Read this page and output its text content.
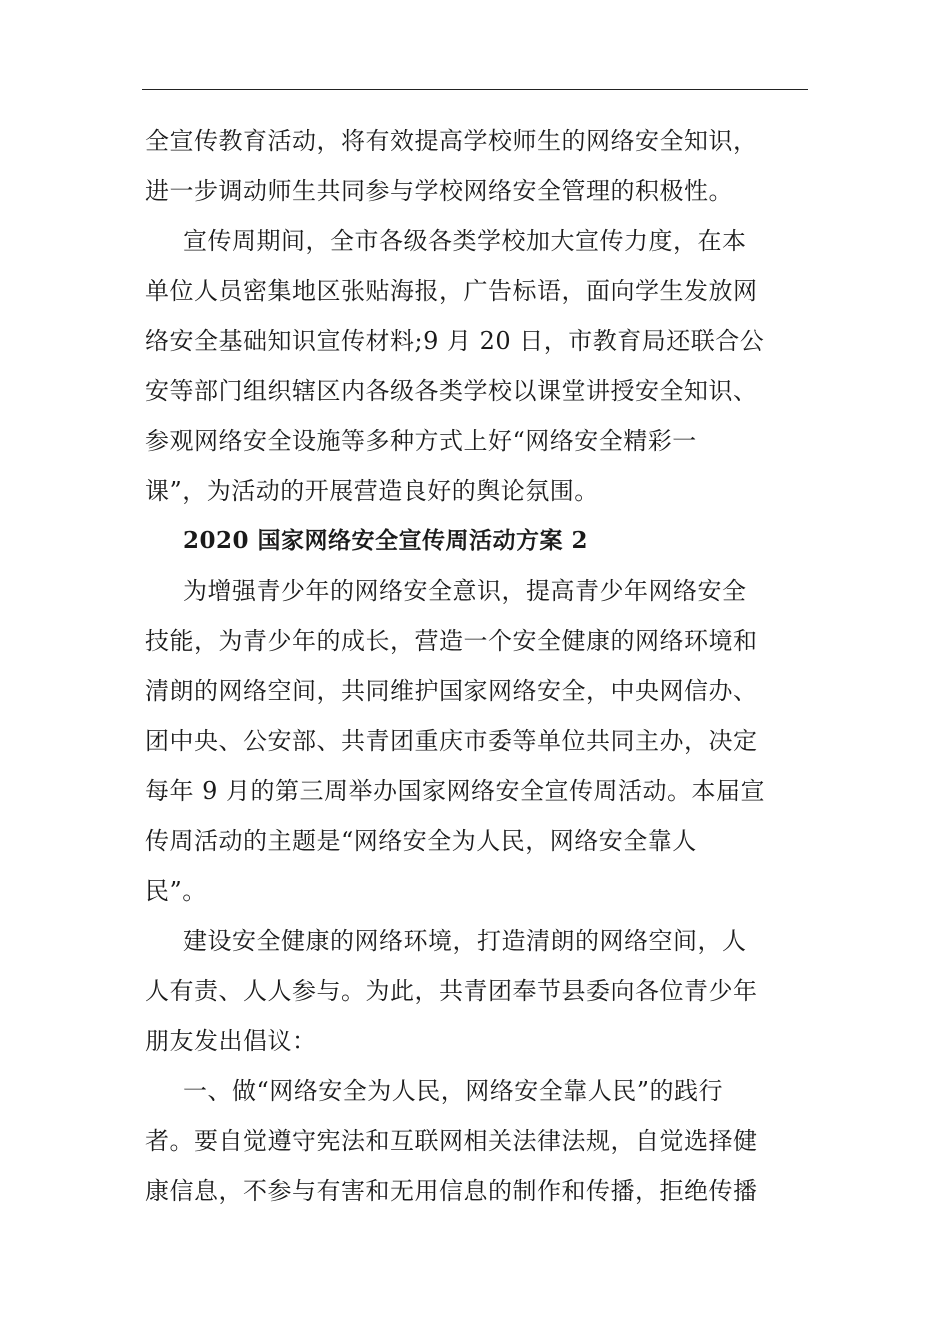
全宣传教育活动，将有效提高学校师生的网络安全知识，
进一步调动师生共同参与学校网络安全管理的积极性。
宣传周期间，全市各级各类学校加大宣传力度，在本
单位人员密集地区张贴海报，广告标语，面向学生发放网
络安全基础知识宣传材料;9 月 20 日，市教育局还联合公
安等部门组织辖区内各级各类学校以课堂讲授安全知识、
参观网络安全设施等多种方式上好“网络安全精彩一
课”，为活动的开展营造良好的舆论氛围。
2020 国家网络安全宣传周活动方案 2
为增强青少年的网络安全意识，提高青少年网络安全
技能，为青少年的成长，营造一个安全健康的网络环境和
清朗的网络空间，共同维护国家网络安全，中央网信办、
团中央、公安部、共青团重庆市委等单位共同主办，决定
每年 9 月的第三周举办国家网络安全宣传周活动。本届宣
传周活动的主题是“网络安全为人民，网络安全靠人
民”。
建设安全健康的网络环境，打造清朗的网络空间，人
人有责、人人参与。为此，共青团奉节县委向各位青少年
朋友发出倡议：
一、做“网络安全为人民，网络安全靠人民”的践行
者。要自觉遵守宪法和互联网相关法律法规，自觉选择健
康信息，不参与有害和无用信息的制作和传播，拒绝传播
